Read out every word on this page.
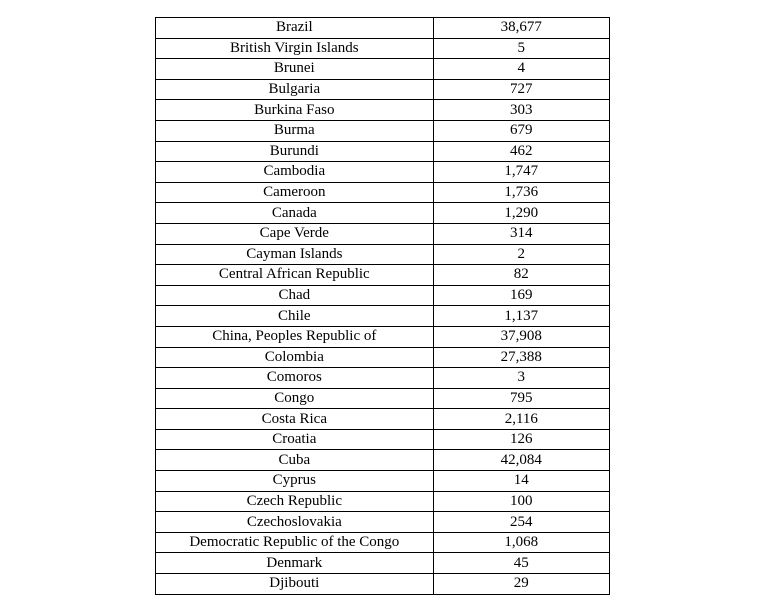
Brazil	38,677
British Virgin Islands	5
Brunei	4
Bulgaria	727
Burkina Faso	303
Burma	679
Burundi	462
Cambodia	1,747
Cameroon	1,736
Canada	1,290
Cape Verde	314
Cayman Islands	2
Central African Republic	82
Chad	169
Chile	1,137
China, Peoples Republic of	37,908
Colombia	27,388
Comoros	3
Congo	795
Costa Rica	2,116
Croatia	126
Cuba	42,084
Cyprus	14
Czech Republic	100
Czechoslovakia	254
Democratic Republic of the Congo	1,068
Denmark	45
Djibouti	29
